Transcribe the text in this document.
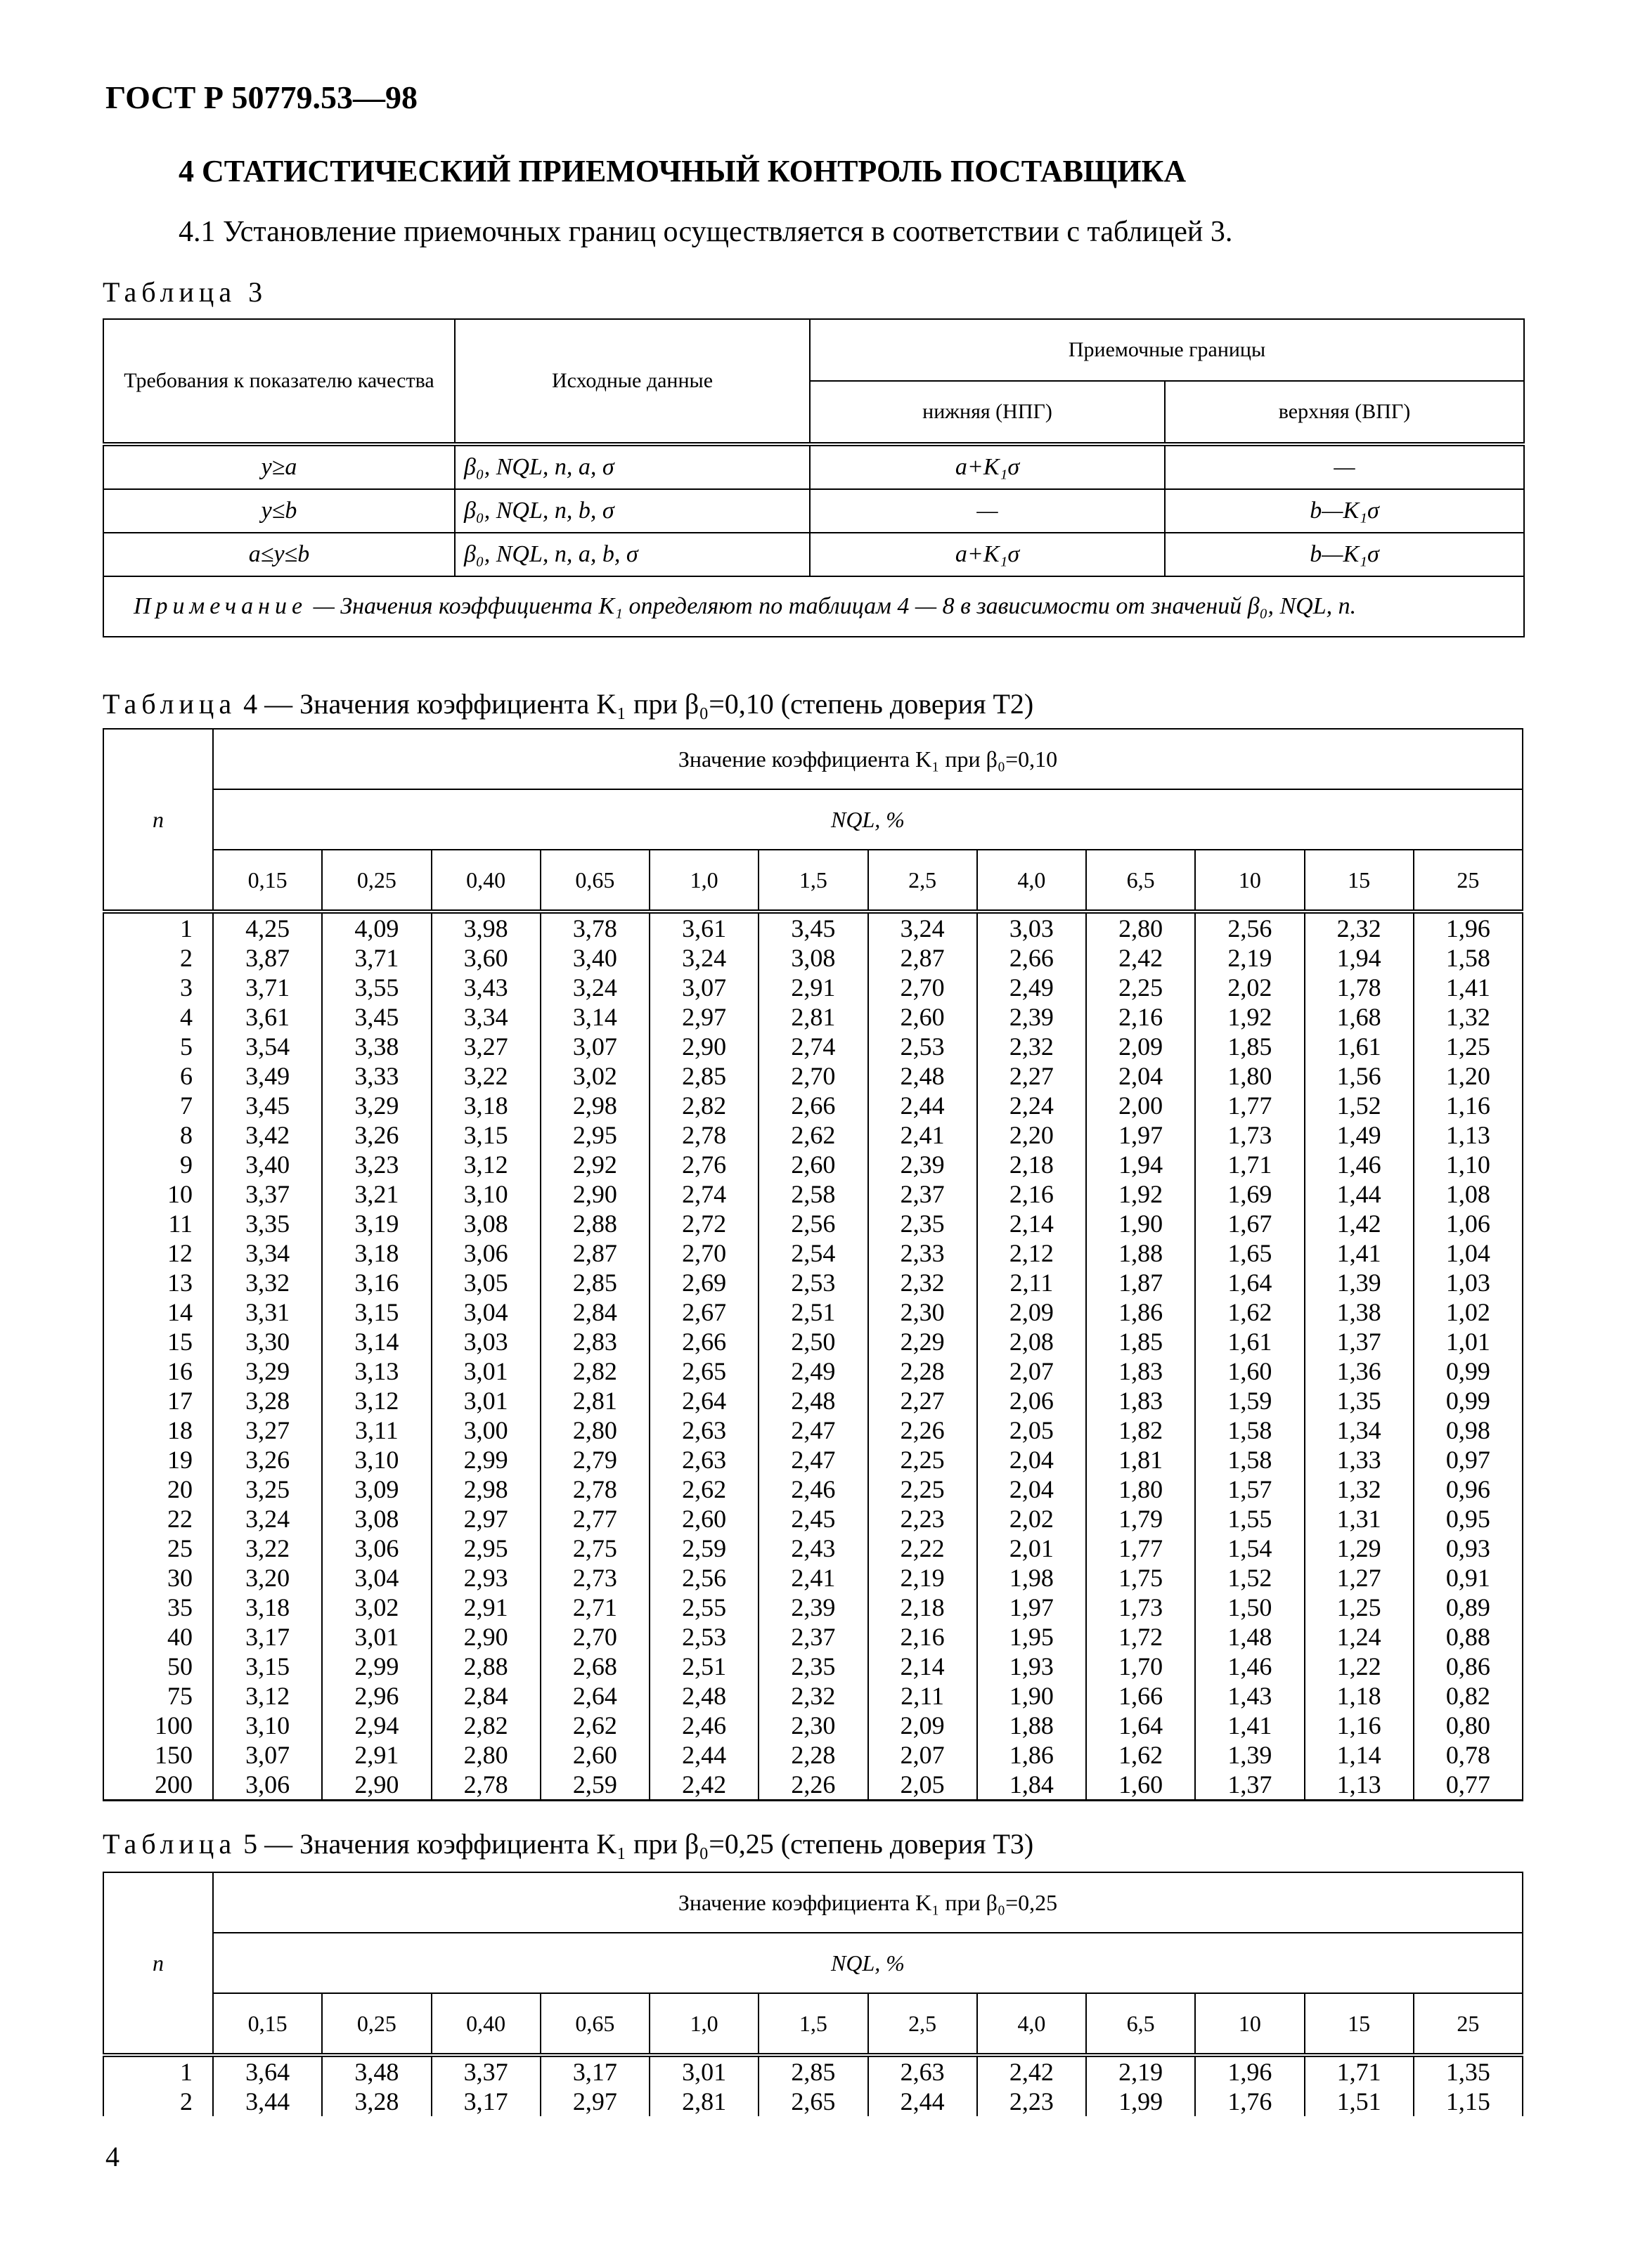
ГОСТ Р 50779.53—98
4 СТАТИСТИЧЕСКИЙ ПРИЕМОЧНЫЙ КОНТРОЛЬ ПОСТАВЩИКА
4.1 Установление приемочных границ осуществляется в соответствии с таблицей 3.
Таблица 3
Требования к показателю качества	Исходные данные	Приемочные границы	
		нижняя (НПГ)	верхняя (ВПГ)
y≥a	β₀, NQL, n, a, σ	a+K₁σ	—
y≤b	β₀, NQL, n, b, σ	—	b—K₁σ
a≤y≤b	β₀, NQL, n, a, b, σ	a+K₁σ	b—K₁σ
Примечание — Значения коэффициента K₁ определяют по таблицам 4 — 8 в зависимости от значений β₀, NQL, n.			
Таблица 4 — Значения коэффициента K₁ при β₀=0,10 (степень доверия Т2)
n	Значение коэффициента K₁ при β₀=0,10											
	NQL, %											
	0,15	0,25	0,40	0,65	1,0	1,5	2,5	4,0	6,5	10	15	25
1	4,25	4,09	3,98	3,78	3,61	3,45	3,24	3,03	2,80	2,56	2,32	1,96
2	3,87	3,71	3,60	3,40	3,24	3,08	2,87	2,66	2,42	2,19	1,94	1,58
3	3,71	3,55	3,43	3,24	3,07	2,91	2,70	2,49	2,25	2,02	1,78	1,41
4	3,61	3,45	3,34	3,14	2,97	2,81	2,60	2,39	2,16	1,92	1,68	1,32
5	3,54	3,38	3,27	3,07	2,90	2,74	2,53	2,32	2,09	1,85	1,61	1,25
6	3,49	3,33	3,22	3,02	2,85	2,70	2,48	2,27	2,04	1,80	1,56	1,20
7	3,45	3,29	3,18	2,98	2,82	2,66	2,44	2,24	2,00	1,77	1,52	1,16
8	3,42	3,26	3,15	2,95	2,78	2,62	2,41	2,20	1,97	1,73	1,49	1,13
9	3,40	3,23	3,12	2,92	2,76	2,60	2,39	2,18	1,94	1,71	1,46	1,10
10	3,37	3,21	3,10	2,90	2,74	2,58	2,37	2,16	1,92	1,69	1,44	1,08
11	3,35	3,19	3,08	2,88	2,72	2,56	2,35	2,14	1,90	1,67	1,42	1,06
12	3,34	3,18	3,06	2,87	2,70	2,54	2,33	2,12	1,88	1,65	1,41	1,04
13	3,32	3,16	3,05	2,85	2,69	2,53	2,32	2,11	1,87	1,64	1,39	1,03
14	3,31	3,15	3,04	2,84	2,67	2,51	2,30	2,09	1,86	1,62	1,38	1,02
15	3,30	3,14	3,03	2,83	2,66	2,50	2,29	2,08	1,85	1,61	1,37	1,01
16	3,29	3,13	3,01	2,82	2,65	2,49	2,28	2,07	1,83	1,60	1,36	0,99
17	3,28	3,12	3,01	2,81	2,64	2,48	2,27	2,06	1,83	1,59	1,35	0,99
18	3,27	3,11	3,00	2,80	2,63	2,47	2,26	2,05	1,82	1,58	1,34	0,98
19	3,26	3,10	2,99	2,79	2,63	2,47	2,25	2,04	1,81	1,58	1,33	0,97
20	3,25	3,09	2,98	2,78	2,62	2,46	2,25	2,04	1,80	1,57	1,32	0,96
22	3,24	3,08	2,97	2,77	2,60	2,45	2,23	2,02	1,79	1,55	1,31	0,95
25	3,22	3,06	2,95	2,75	2,59	2,43	2,22	2,01	1,77	1,54	1,29	0,93
30	3,20	3,04	2,93	2,73	2,56	2,41	2,19	1,98	1,75	1,52	1,27	0,91
35	3,18	3,02	2,91	2,71	2,55	2,39	2,18	1,97	1,73	1,50	1,25	0,89
40	3,17	3,01	2,90	2,70	2,53	2,37	2,16	1,95	1,72	1,48	1,24	0,88
50	3,15	2,99	2,88	2,68	2,51	2,35	2,14	1,93	1,70	1,46	1,22	0,86
75	3,12	2,96	2,84	2,64	2,48	2,32	2,11	1,90	1,66	1,43	1,18	0,82
100	3,10	2,94	2,82	2,62	2,46	2,30	2,09	1,88	1,64	1,41	1,16	0,80
150	3,07	2,91	2,80	2,60	2,44	2,28	2,07	1,86	1,62	1,39	1,14	0,78
200	3,06	2,90	2,78	2,59	2,42	2,26	2,05	1,84	1,60	1,37	1,13	0,77
Таблица 5 — Значения коэффициента K₁ при β₀=0,25 (степень доверия Т3)
n	Значение коэффициента K₁ при β₀=0,25											
	NQL, %											
	0,15	0,25	0,40	0,65	1,0	1,5	2,5	4,0	6,5	10	15	25
1	3,64	3,48	3,37	3,17	3,01	2,85	2,63	2,42	2,19	1,96	1,71	1,35
2	3,44	3,28	3,17	2,97	2,81	2,65	2,44	2,23	1,99	1,76	1,51	1,15
4
